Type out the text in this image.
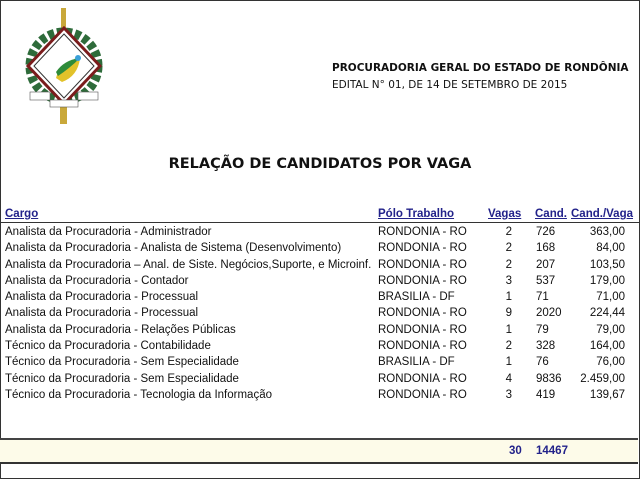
PROCURADORIA GERAL DO ESTADO DE RONDÔNIA
EDITAL N° 01, DE 14 DE SETEMBRO DE 2015
RELAÇÃO DE CANDIDATOS POR VAGA
Cargo	Pólo Trabalho	Vagas Cand. Cand./Vaga
Analista da Procuradoria - Administrador	RONDONIA - RO	2 726	363,00
Analista da Procuradoria - Analista de Sistema (Desenvolvimento)	RONDONIA - RO	2 168	84,00
Analista da Procuradoria – Anal. de Siste. Negócios,Suporte, e Microinf. RONDONIA - RO	2 207	103,50
Analista da Procuradoria - Contador	RONDONIA - RO	3 537	179,00
Analista da Procuradoria - Processual	BRASILIA - DF	1 71	71,00
Analista da Procuradoria - Processual	RONDONIA - RO	9 2020	224,44
Analista da Procuradoria - Relações Públicas	RONDONIA - RO	1 79	79,00
Técnico da Procuradoria - Contabilidade	RONDONIA - RO	2 328	164,00
Técnico da Procuradoria - Sem Especialidade	BRASILIA - DF	1 76	76,00
Técnico da Procuradoria - Sem Especialidade	RONDONIA - RO	4 9836 2.459,00
Técnico da Procuradoria - Tecnologia da Informação	RONDONIA - RO	3 419	139,67
30 14467
